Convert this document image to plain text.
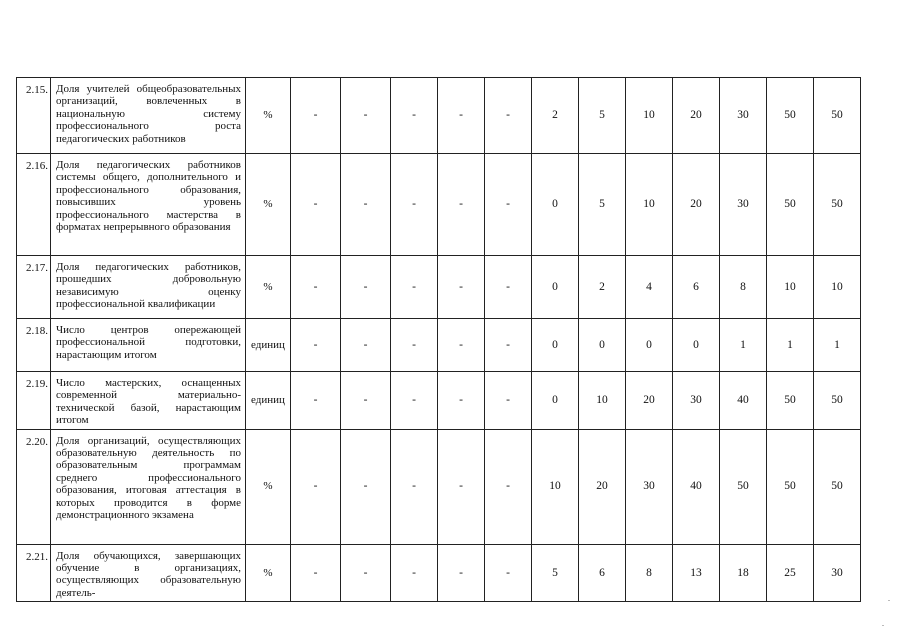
2.15.	Доля учителей общеобразовательных организаций, вовлеченных в национальную систему профессионального роста педагогических работников	%	-	-	-	-	-	2	5	10	20	30	50	50
2.16.	Доля педагогических работников системы общего, дополнительного и профессионального образования, повысивших уровень профессионального мастерства в форматах непрерывного образования	%	-	-	-	-	-	0	5	10	20	30	50	50
2.17.	Доля педагогических работников, прошедших добровольную независимую оценку профессиональной квалификации	%	-	-	-	-	-	0	2	4	6	8	10	10
2.18.	Число центров опережающей профессиональной подготовки, нарастающим итогом	единиц	-	-	-	-	-	0	0	0	0	1	1	1
2.19.	Число мастерских, оснащенных современной материально-технической базой, нарастающим итогом	единиц	-	-	-	-	-	0	10	20	30	40	50	50
2.20.	Доля организаций, осуществляющих образовательную деятельность по образовательным программам среднего профессионального образования, итоговая аттестация в которых проводится в форме демонстрационного экзамена	%	-	-	-	-	-	10	20	30	40	50	50	50
2.21.	Доля обучающихся, завершающих обучение в организациях, осуществляющих образовательную деятель-	%	-	-	-	-	-	5	6	8	13	18	25	30
